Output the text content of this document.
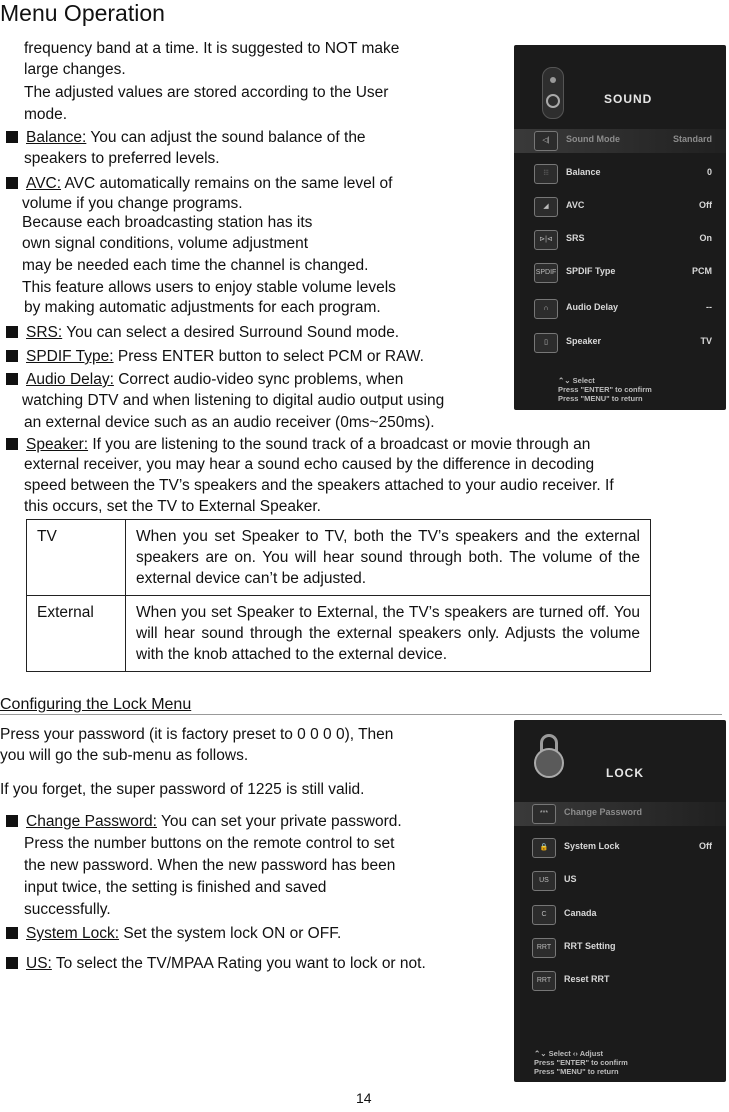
Menu Operation
frequency band at a time. It is suggested to NOT make
large changes.
The adjusted values are stored according to the User
mode.
Balance: You can adjust the sound balance of the
speakers to preferred levels.
AVC: AVC automatically remains on the same level of
volume if you change programs.
Because each broadcasting station has its
own signal conditions, volume adjustment
may be needed each time the channel is changed.
This feature allows users to enjoy stable volume levels
by making automatic adjustments for each program.
SRS: You can select a desired Surround Sound mode.
SPDIF Type: Press ENTER button to select PCM or RAW.
Audio Delay: Correct audio-video sync problems, when
watching DTV and when listening to digital audio output using
an external device such as an audio receiver (0ms~250ms).
Speaker: If you are listening to the sound track of a broadcast or movie through an
external receiver, you may hear a sound echo caused by the difference in decoding
speed between the TV’s speakers and the speakers attached to your audio receiver. If
this occurs, set the TV to External Speaker.
TV	When you set Speaker to TV, both the TV’s speakers and the external speakers are on. You will hear sound through both. The volume of the external device can’t be adjusted.
External	When you set Speaker to External, the TV’s speakers are turned off. You will hear sound through the external speakers only. Adjusts the volume with the knob attached to the external device.
Configuring the Lock Menu
Press your password (it is factory preset to 0 0 0 0), Then
you will go the sub-menu as follows.
If you forget, the super password of 1225 is still valid.
Change Password: You can set your private password.
Press the number buttons on the remote control to set
the new password. When the new password has been
input twice, the setting is finished and saved
successfully.
System Lock: Set the system lock ON or OFF.
US: To select the TV/MPAA Rating you want to lock or not.
SOUND
◁|	Sound Mode	Standard
⫶⫶⫶	Balance	0
◢	AVC	Off
⊳|⊲	SRS	On
SPDIF SPDIF Type	PCM
∩	Audio Delay	--
▯	Speaker	TV
⌃⌄ Select
Press "ENTER" to confirm
Press "MENU" to return
LOCK
***	Change Password
🔒	System Lock	Off
US	US
C	Canada
RRT	RRT Setting
RRT	Reset RRT
⌃⌄ Select ‹› Adjust
Press "ENTER" to confirm
Press "MENU" to return
14
